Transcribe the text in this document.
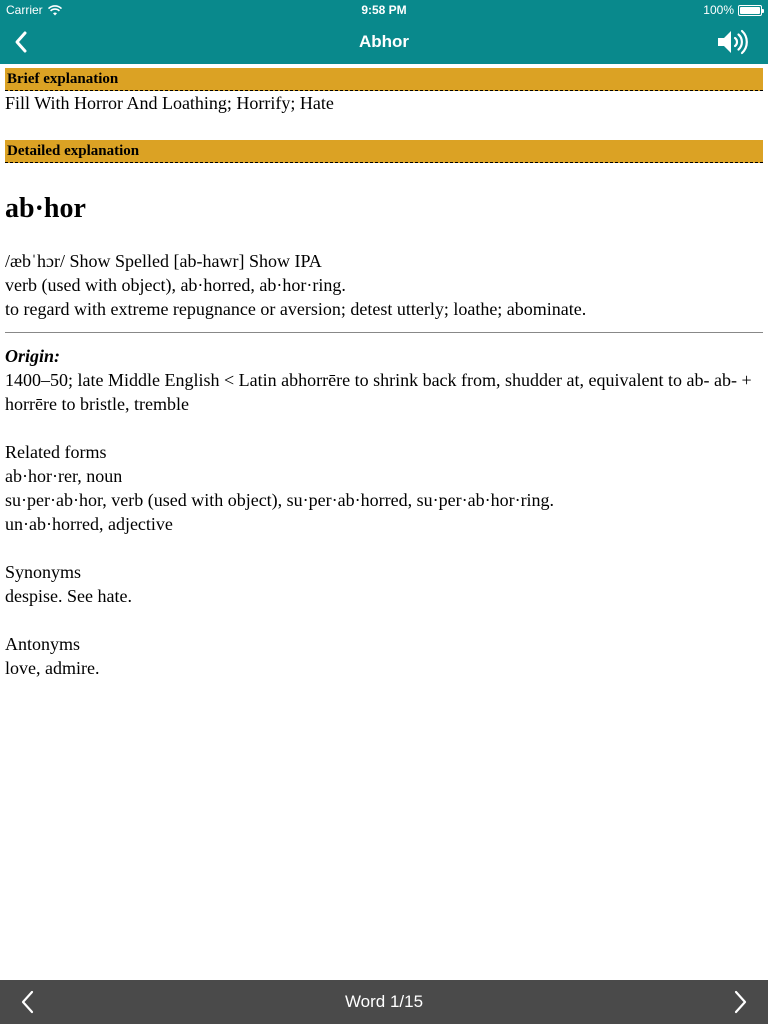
Carrier	9:58 PM	100%
Abhor
Brief explanation
Fill With Horror And Loathing; Horrify; Hate
Detailed explanation
ab·hor
/æbˈhɔr/ Show Spelled [ab-hawr] Show IPA
verb (used with object), ab·horred, ab·hor·ring.
to regard with extreme repugnance or aversion; detest utterly; loathe; abominate.
Origin:
1400–50; late Middle English < Latin abhorrēre to shrink back from, shudder at, equivalent to ab- ab- + horrēre to bristle, tremble
Related forms
ab·hor·rer, noun
su·per·ab·hor, verb (used with object), su·per·ab·horred, su·per·ab·hor·ring.
un·ab·horred, adjective
Synonyms
despise. See hate.
Antonyms
love, admire.
Word 1/15
